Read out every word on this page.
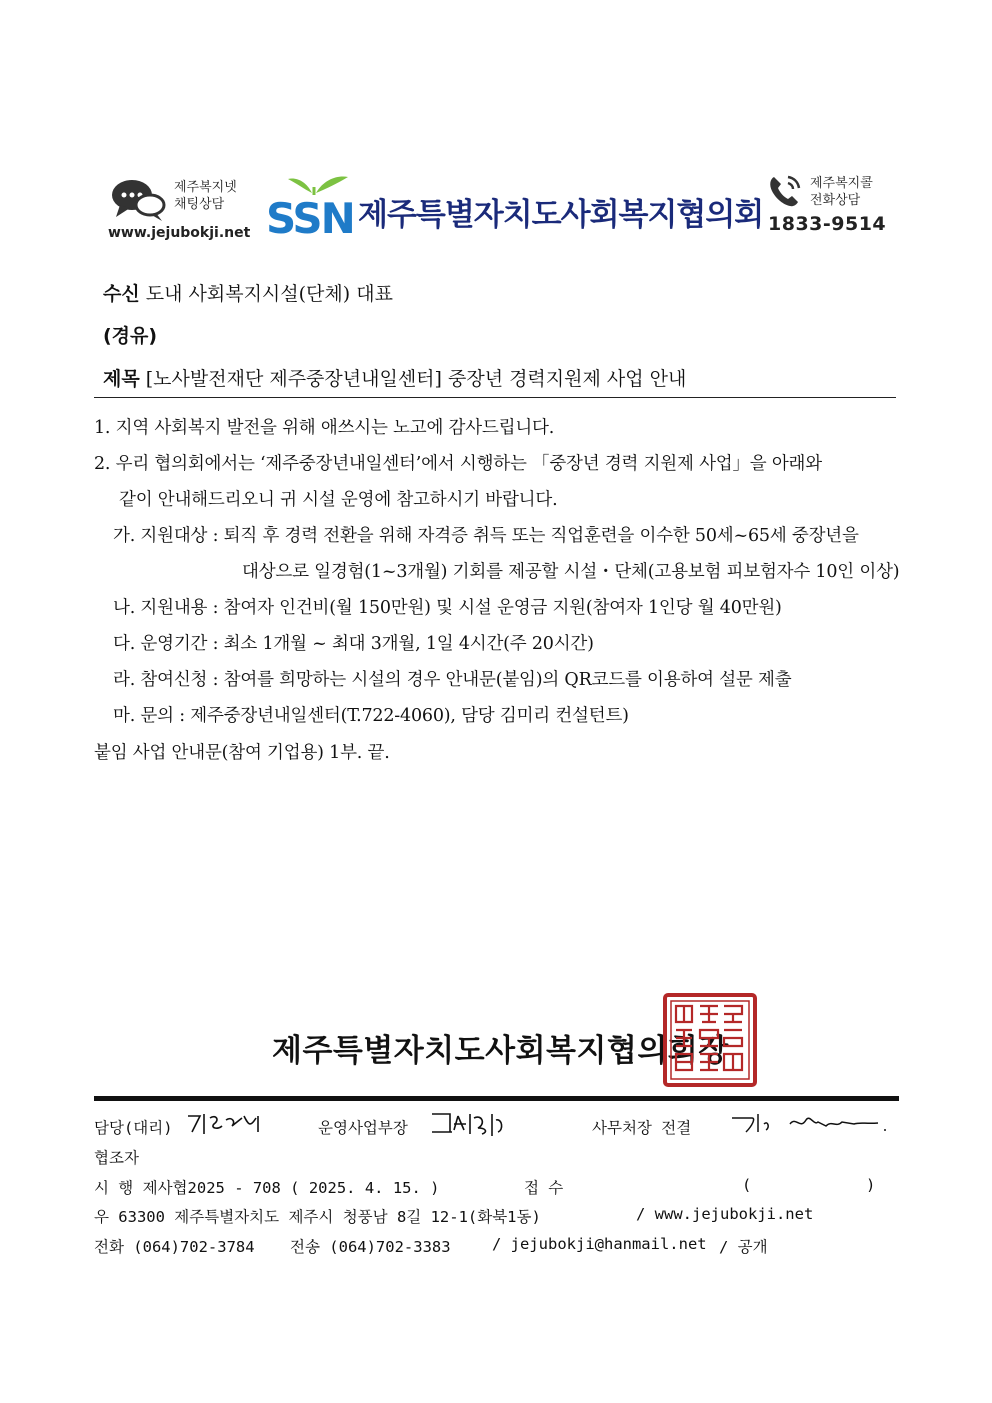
제주복지넷
채팅상담
www.jejubokji.net SSN 제주특별자치도사회복지협의회
제주복지콜
전화상담
1833-9514
수신 도내 사회복지시설(단체) 대표
(경유)
제목 [노사발전재단 제주중장년내일센터] 중장년 경력지원제 사업 안내
1. 지역 사회복지 발전을 위해 애쓰시는 노고에 감사드립니다.
2. 우리 협의회에서는 ‘제주중장년내일센터’에서 시행하는 「중장년 경력 지원제 사업」을 아래와
같이 안내해드리오니 귀 시설 운영에 참고하시기 바랍니다.
가. 지원대상 : 퇴직 후 경력 전환을 위해 자격증 취득 또는 직업훈련을 이수한 50세~65세 중장년을
대상으로 일경험(1~3개월) 기회를 제공할 시설・단체(고용보험 피보험자수 10인 이상)
나. 지원내용 : 참여자 인건비(월 150만원) 및 시설 운영금 지원(참여자 1인당 월 40만원)
다. 운영기간 : 최소 1개월 ~ 최대 3개월, 1일 4시간(주 20시간)
라. 참여신청 : 참여를 희망하는 시설의 경우 안내문(붙임)의 QR코드를 이용하여 설문 제출
마. 문의 : 제주중장년내일센터(T.722-4060), 담당 김미리 컨설턴트)
붙임 사업 안내문(참여 기업용) 1부. 끝.
제주특별자치도사회복지협의회장
담당(대리)	운영사업부장	사무처장 전결
협조자
시 행 제사협2025 - 708 ( 2025. 4. 15. )	접 수	(	)
우 63300 제주특별자치도 제주시 청풍남 8길 12-1(화북1동)	/ www.jejubokji.net
전화 (064)702-3784 전송 (064)702-3383	/ jejubokji@hanmail.net / 공개
